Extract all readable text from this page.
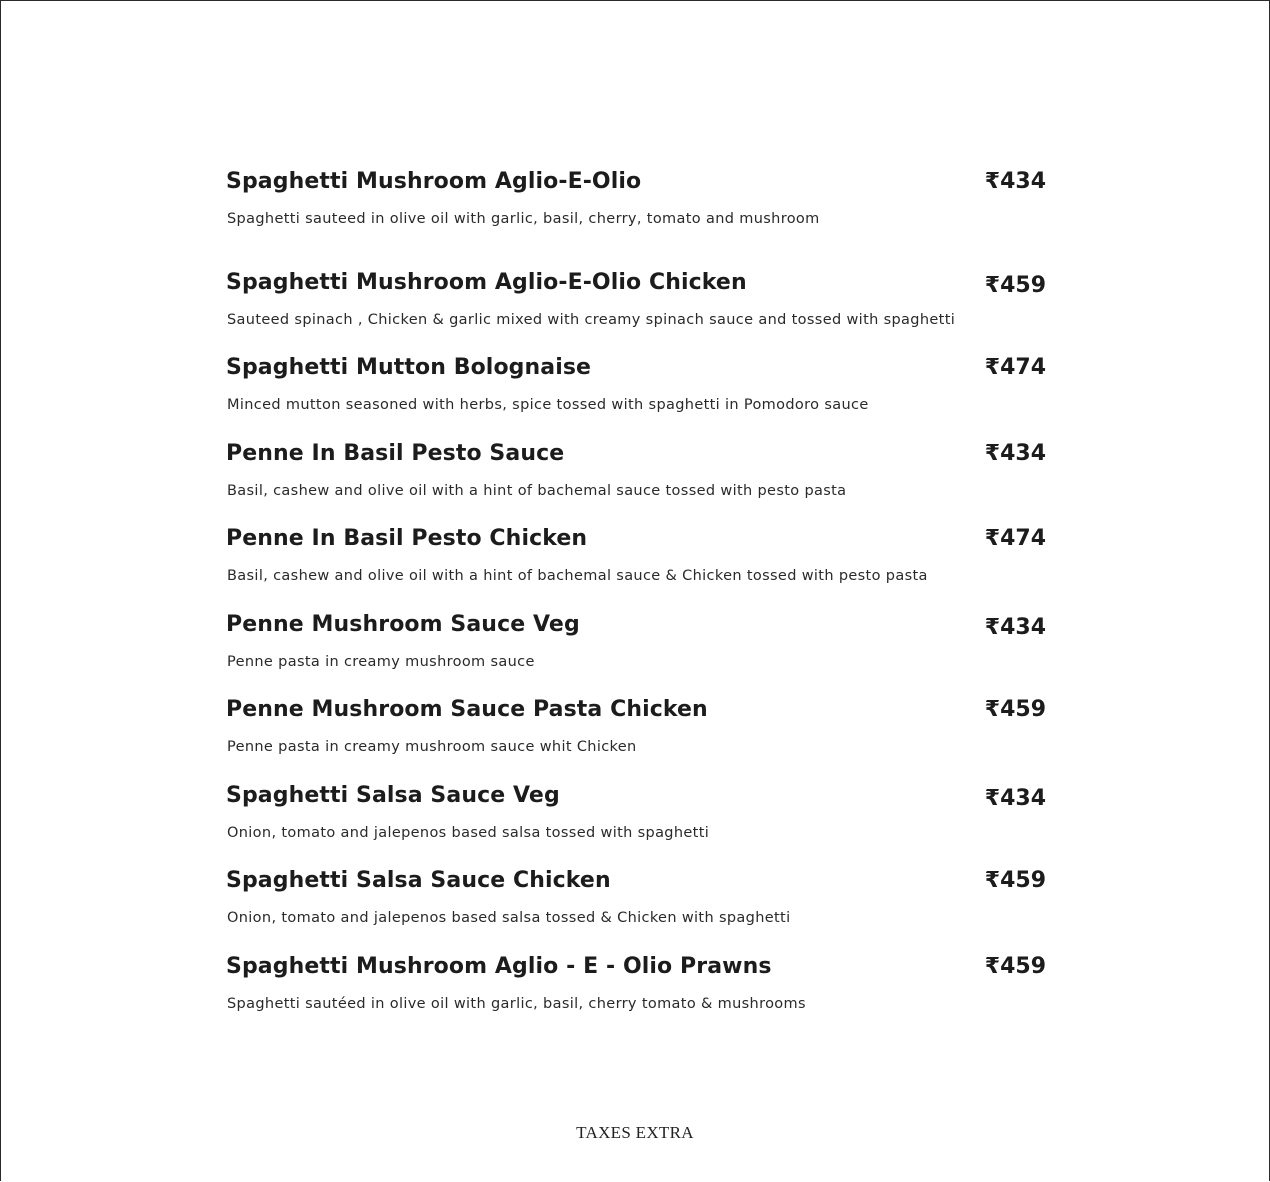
Spaghetti Mushroom Aglio-E-Olio	₹434
Spaghetti sauteed in olive oil with garlic, basil, cherry, tomato and mushroom
Spaghetti Mushroom Aglio-E-Olio Chicken	₹459
Sauteed spinach , Chicken & garlic mixed with creamy spinach sauce and tossed with spaghetti
Spaghetti Mutton Bolognaise	₹474
Minced mutton seasoned with herbs, spice tossed with spaghetti in Pomodoro sauce
Penne In Basil Pesto Sauce	₹434
Basil, cashew and olive oil with a hint of bachemal sauce tossed with pesto pasta
Penne In Basil Pesto Chicken	₹474
Basil, cashew and olive oil with a hint of bachemal sauce & Chicken tossed with pesto pasta
Penne Mushroom Sauce Veg	₹434
Penne pasta in creamy mushroom sauce
Penne Mushroom Sauce Pasta Chicken	₹459
Penne pasta in creamy mushroom sauce whit Chicken
Spaghetti Salsa Sauce Veg	₹434
Onion, tomato and jalepenos based salsa tossed with spaghetti
Spaghetti Salsa Sauce Chicken	₹459
Onion, tomato and jalepenos based salsa tossed & Chicken with spaghetti
Spaghetti Mushroom Aglio - E - Olio Prawns	₹459
Spaghetti sautéed in olive oil with garlic, basil, cherry tomato & mushrooms
TAXES EXTRA
